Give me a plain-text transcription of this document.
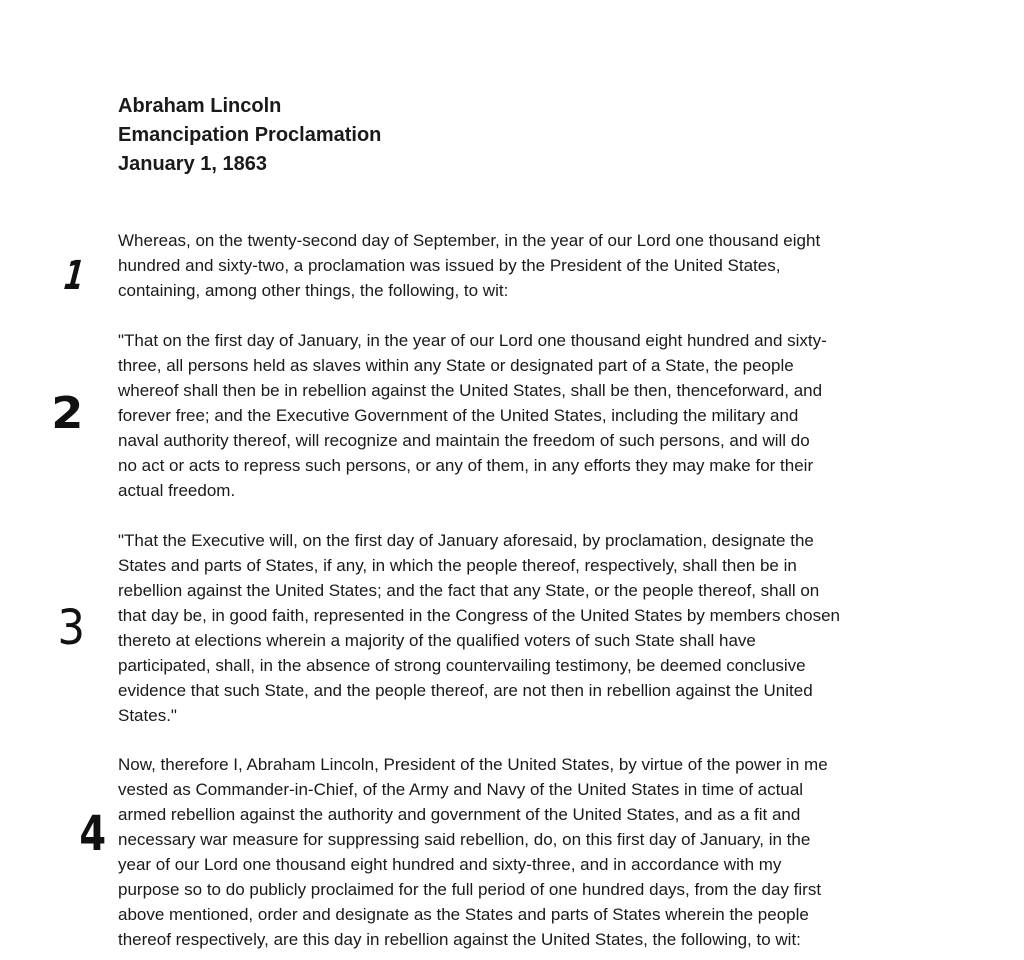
Abraham Lincoln
Emancipation Proclamation
January 1, 1863
1
2
3
4

Whereas, on the twenty-second day of September, in the year of our Lord one thousand eight
hundred and sixty-two, a proclamation was issued by the President of the United States,
containing, among other things, the following, to wit:

"That on the first day of January, in the year of our Lord one thousand eight hundred and sixty-
three, all persons held as slaves within any State or designated part of a State, the people
whereof shall then be in rebellion against the United States, shall be then, thenceforward, and
forever free; and the Executive Government of the United States, including the military and
naval authority thereof, will recognize and maintain the freedom of such persons, and will do
no act or acts to repress such persons, or any of them, in any efforts they may make for their
actual freedom.

"That the Executive will, on the first day of January aforesaid, by proclamation, designate the
States and parts of States, if any, in which the people thereof, respectively, shall then be in
rebellion against the United States; and the fact that any State, or the people thereof, shall on
that day be, in good faith, represented in the Congress of the United States by members chosen
thereto at elections wherein a majority of the qualified voters of such State shall have
participated, shall, in the absence of strong countervailing testimony, be deemed conclusive
evidence that such State, and the people thereof, are not then in rebellion against the United
States."

Now, therefore I, Abraham Lincoln, President of the United States, by virtue of the power in me
vested as Commander-in-Chief, of the Army and Navy of the United States in time of actual
armed rebellion against the authority and government of the United States, and as a fit and
necessary war measure for suppressing said rebellion, do, on this first day of January, in the
year of our Lord one thousand eight hundred and sixty-three, and in accordance with my
purpose so to do publicly proclaimed for the full period of one hundred days, from the day first
above mentioned, order and designate as the States and parts of States wherein the people
thereof respectively, are this day in rebellion against the United States, the following, to wit:
